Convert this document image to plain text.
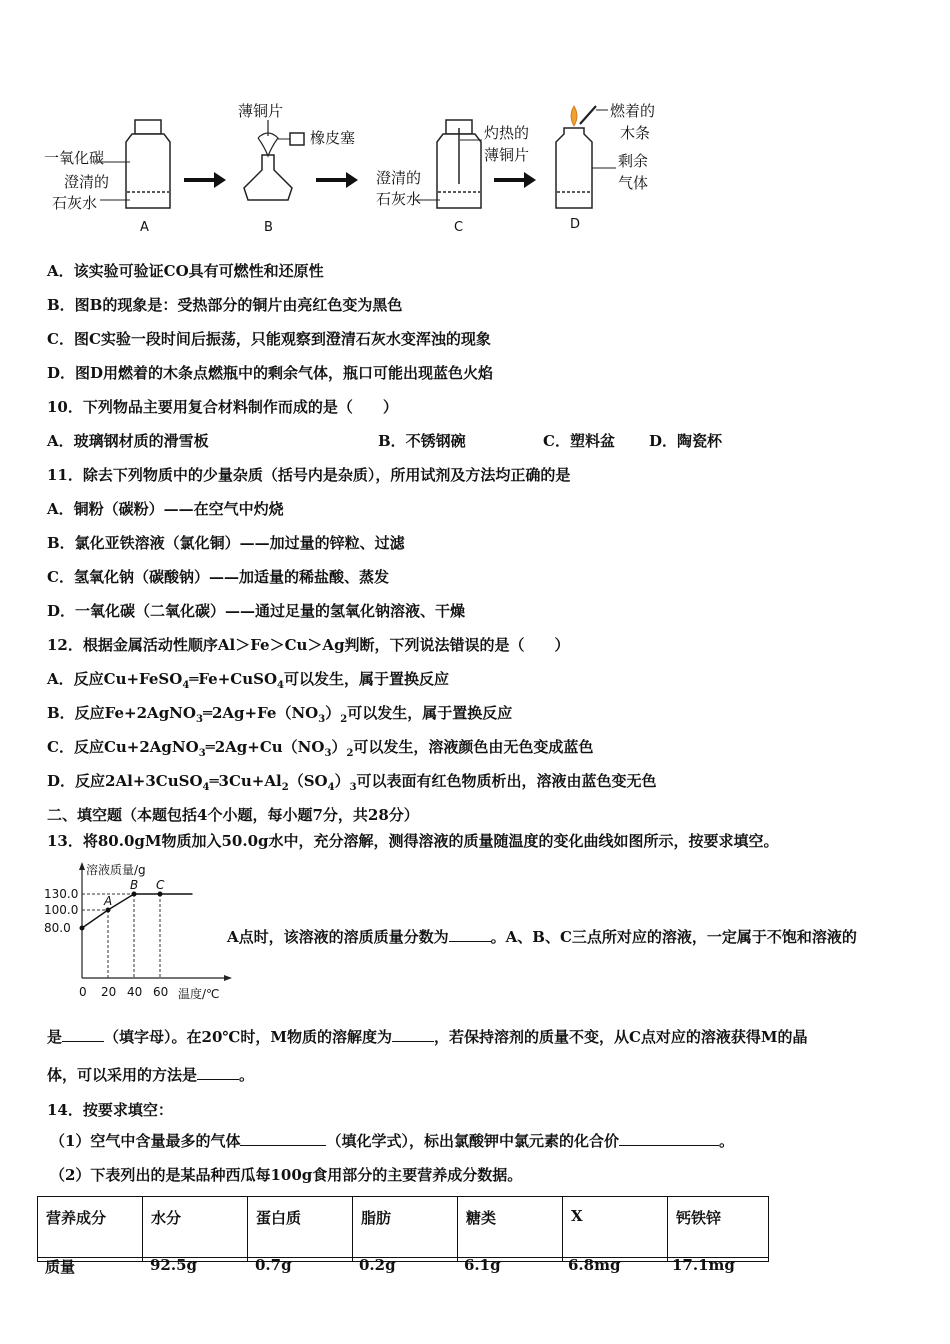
一氧化碳
澄清的
石灰水
薄铜片
橡皮塞
澄清的
石灰水
灼热的
薄铜片
燃着的
木条
剩余
气体
A	B	C	D
A．该实验可验证CO具有可燃性和还原性
B．图B的现象是：受热部分的铜片由亮红色变为黑色
C．图C实验一段时间后振荡，只能观察到澄清石灰水变浑浊的现象
D．图D用燃着的木条点燃瓶中的剩余气体，瓶口可能出现蓝色火焰
10．下列物品主要用复合材料制作而成的是（　　）
A．玻璃钢材质的滑雪板	B．不锈钢碗	C．塑料盆 D．陶瓷杯
11．除去下列物质中的少量杂质（括号内是杂质），所用试剂及方法均正确的是
A．铜粉（碳粉）——在空气中灼烧
B．氯化亚铁溶液（氯化铜）——加过量的锌粒、过滤
C．氢氧化钠（碳酸钠）——加适量的稀盐酸、蒸发
D．一氧化碳（二氧化碳）——通过足量的氢氧化钠溶液、干燥
12．根据金属活动性顺序Al＞Fe＞Cu＞Ag判断，下列说法错误的是（　　）
A．反应Cu+FeSO$_4$═Fe+CuSO$_4$可以发生，属于置换反应
B．反应$Fe+2AgNO_3═2Ag+Fe(NO_3)_2$可以发生，属于置换反应
C．反应$Cu+2AgNO_3═2Ag+Cu(NO_3)_2$可以发生，溶液颜色由无色变成蓝色
D．反应$2Al+3CuSO_4═3Cu+Al_2(SO_4)_3$可以表面有红色物质析出，溶液由蓝色变无色
二、填空题（本题包括4个小题，每小题7分，共28分）
13．将80.0gM物质加入50.0g水中，充分溶解，测得溶液的质量随温度的变化曲线如图所示，按要求填空。
溶液质量/g
温度/℃
0 20 40 60
80.0
100.0
130.0 A
B C
A点时，该溶液的溶质质量分数为	。A、B、C三点所对应的溶液，一定属于不饱和溶液的
是	（填字母）。在20℃时，M物质的溶解度为	，若保持溶剂的质量不变，从C点对应的溶液获得M的晶
体，可以采用的方法是	。
14．按要求填空：
（1）空气中含量最多的气体	（填化学式），标出氯酸钾中氯元素的化合价	。
（2）下表列出的是某品种西瓜每100g食用部分的主要营养成分数据。
营养成分	水分	蛋白质	脂肪	糖类	X	钙铁锌

质量	92.5g	0.7g	0.2g	6.1g	6.8mg	17.1mg
